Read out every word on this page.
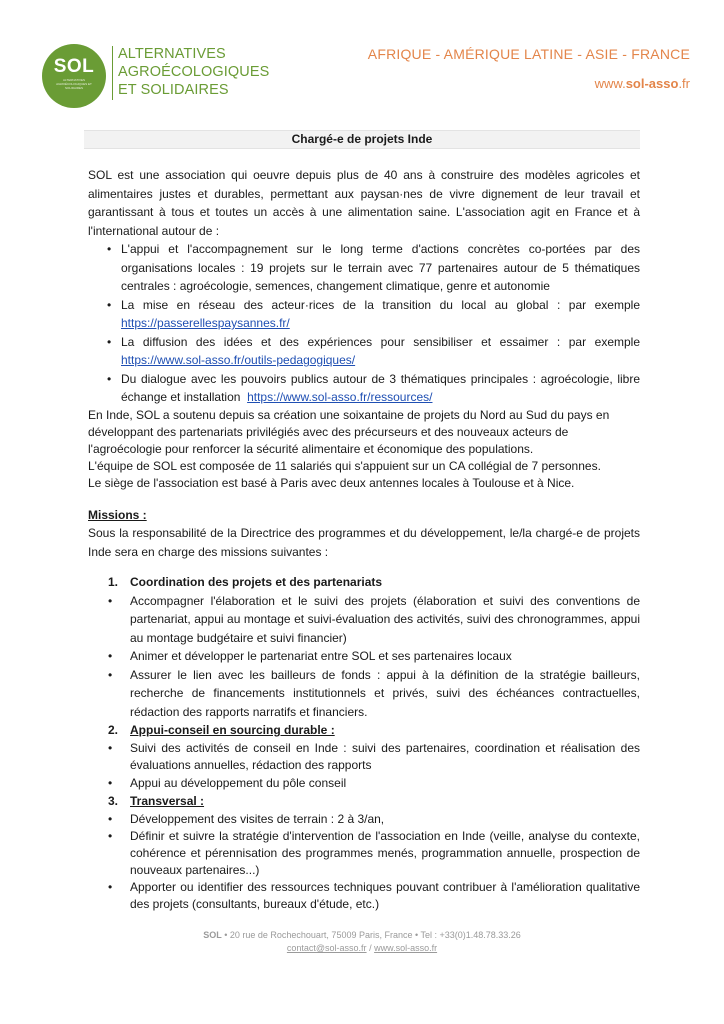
SOL
ALTERNATIVES AGROÉCOLOGIQUES ET SOLIDAIRES
ALTERNATIVES
AGROÉCOLOGIQUES
ET SOLIDAIRES
AFRIQUE - AMÉRIQUE LATINE - ASIE - FRANCE
www.sol-asso.fr
Chargé-e de projets Inde

SOL est une association qui oeuvre depuis plus de 40 ans à construire des modèles agricoles et alimentaires justes et durables, permettant aux paysan·nes de vivre dignement de leur travail et garantissant à tous et toutes un accès à une alimentation saine. L'association agit en France et à l'international autour de :

• L'appui et l'accompagnement sur le long terme d'actions concrètes co-portées par des organisations locales : 19 projets sur le terrain avec 77 partenaires autour de 5 thématiques centrales : agroécologie, semences, changement climatique, genre et autonomie
• La mise en réseau des acteur·rices de la transition du local au global : par exemple https://passerellespaysannes.fr/
• La diffusion des idées et des expériences pour sensibiliser et essaimer : par exemple https://www.sol-asso.fr/outils-pedagogiques/
• Du dialogue avec les pouvoirs publics autour de 3 thématiques principales : agroécologie, libre échange et installation https://www.sol-asso.fr/ressources/

En Inde, SOL a soutenu depuis sa création une soixantaine de projets du Nord au Sud du pays en développant des partenariats privilégiés avec des précurseurs et des nouveaux acteurs de l'agroécologie pour renforcer la sécurité alimentaire et économique des populations.

L'équipe de SOL est composée de 11 salariés qui s'appuient sur un CA collégial de 7 personnes.

Le siège de l'association est basé à Paris avec deux antennes locales à Toulouse et à Nice.

Missions :

Sous la responsabilité de la Directrice des programmes et du développement, le/la chargé-e de projets Inde sera en charge des missions suivantes :

1. Coordination des projets et des partenariats
• Accompagner l'élaboration et le suivi des projets (élaboration et suivi des conventions de partenariat, appui au montage et suivi-évaluation des activités, suivi des chronogrammes, appui au montage budgétaire et suivi financier)
• Animer et développer le partenariat entre SOL et ses partenaires locaux
• Assurer le lien avec les bailleurs de fonds : appui à la définition de la stratégie bailleurs, recherche de financements institutionnels et privés, suivi des échéances contractuelles, rédaction des rapports narratifs et financiers.
2. Appui-conseil en sourcing durable :
• Suivi des activités de conseil en Inde : suivi des partenaires, coordination et réalisation des évaluations annuelles, rédaction des rapports
• Appui au développement du pôle conseil
3. Transversal :
• Développement des visites de terrain : 2 à 3/an,
• Définir et suivre la stratégie d'intervention de l'association en Inde (veille, analyse du contexte, cohérence et pérennisation des programmes menés, programmation annuelle, prospection de nouveaux partenaires...)
• Apporter ou identifier des ressources techniques pouvant contribuer à l'amélioration qualitative des projets (consultants, bureaux d'étude, etc.)
SOL • 20 rue de Rochechouart, 75009 Paris, France • Tel : +33(0)1.48.78.33.26
contact@sol-asso.fr / www.sol-asso.fr
